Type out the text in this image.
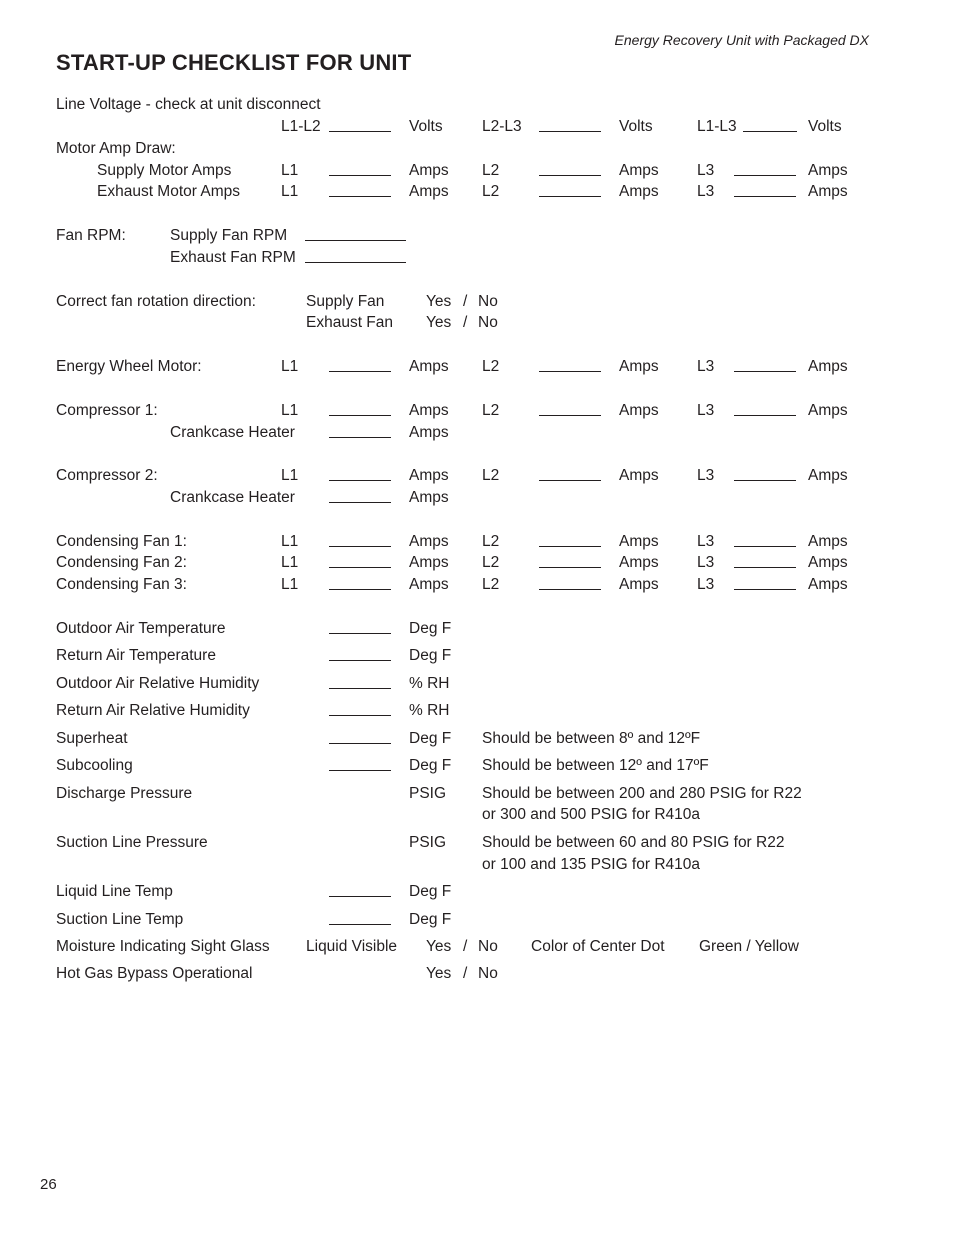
Energy Recovery Unit with Packaged DX
START-UP CHECKLIST FOR UNIT
Line Voltage - check at unit disconnect
L1-L2	Volts	L2-L3	Volts	L1-L3	Volts
Motor Amp Draw:
Supply Motor Amps	L1	Amps L2	Amps L3	Amps
Exhaust Motor Amps	L1	Amps L2	Amps L3	Amps
Fan RPM:	Supply Fan RPM
Exhaust Fan RPM
Correct fan rotation direction:	Supply Fan	Yes / No
Exhaust Fan Yes / No
Energy Wheel Motor:	L1	Amps L2	Amps L3	Amps
Compressor 1:	L1	Amps L2	Amps L3	Amps
Crankcase Heater	Amps
Compressor 2:	L1	Amps L2	Amps L3	Amps
Crankcase Heater	Amps
Condensing Fan 1:	L1	Amps L2	Amps L3	Amps
Condensing Fan 2:	L1	Amps L2	Amps L3	Amps
Condensing Fan 3:	L1	Amps L2	Amps L3	Amps
Outdoor Air Temperature	Deg F
Return Air Temperature	Deg F
Outdoor Air Relative Humidity	% RH
Return Air Relative Humidity	% RH
Superheat	Deg F Should be between 8º and 12ºF
Subcooling	Deg F Should be between 12º and 17ºF
Discharge Pressure	PSIG Should be between 200 and 280 PSIG for R22
or 300 and 500 PSIG for R410a
Suction Line Pressure	PSIG Should be between 60 and 80 PSIG for R22
or 100 and 135 PSIG for R410a
Liquid Line Temp	Deg F
Suction Line Temp	Deg F
Moisture Indicating Sight Glass Liquid Visible Yes / No Color of Center Dot Green / Yellow
Hot Gas Bypass Operational	Yes / No
26
